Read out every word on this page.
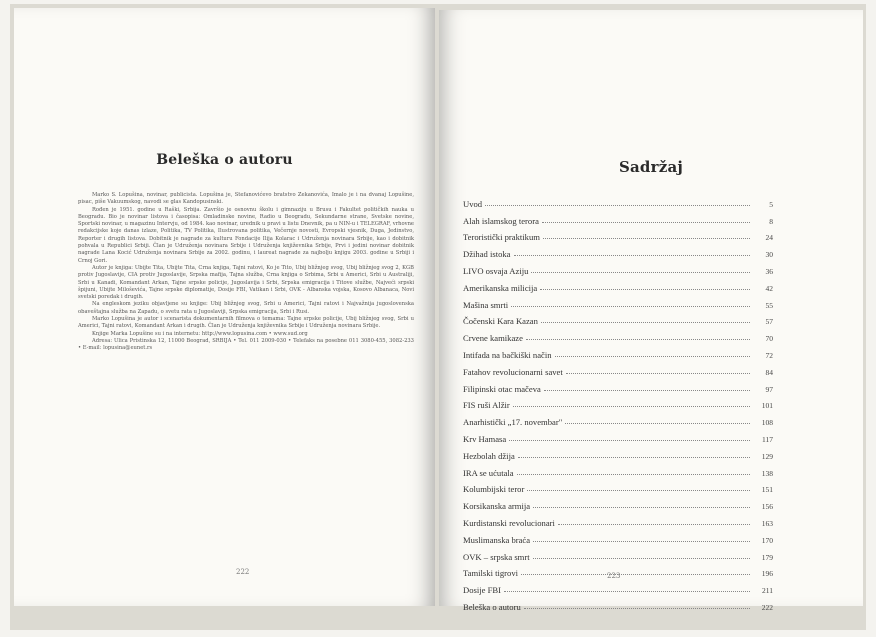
Beleška o autoru

Marko S. Lopušina, novinar, publicista. Lopušina je, Stefanovićevo bratstvo Zekanovića, Imalo je i na dvanaj Lopušine, pisac, piše Vakuumskog, navodi se glas Kandopusinski.

Rođen je 1951. godine u Raški, Srbija. Završio je osnovnu školu i gimnaziju u Brusu i Fakultet političkih nauka u Beogradu. Bio je novinar listova i časopisa: Omladinske novine, Radio u Beogradu, Sekundarne strane, Svetske novine, Sportski novinar, u magazinu Intervju, od 1984. kao novinar, urednik u pravi u listu Dnevnik, pa u NIN-u i TELEGRAF, vrhovne redakcijske koje danas izlaze, Politika, TV Politika, Ilustrovana politika, Večernje novosti, Evropski vjesnik, Duga, Jedinstvo, Reporter i drugih listova. Dobitnik je nagrade za kulturu Fondacije Ilija Kolarac i Udruženja novinara Srbije, kao i dobitnik pohvala u Republici Srbiji. Član je Udruženja novinara Srbije i Udruženja književnika Srbije, Prvi i jedini novinar dobitnik nagrade Lana Kocić Udruženja novinara Srbije za 2002. godinu, i laureat nagrade za najbolju knjigu 2003. godine u Srbiji i Crnoj Gori.

Autor je knjiga: Ubijte Tita, Ubijte Tita, Crna knjiga, Tajni ratovi, Ko je Tito, Ubij bližnjeg svog, Ubij bližnjeg svog 2, KGB protiv Jugoslavije, CIA protiv Jugoslavije, Srpska mafija, Tajna služba, Crna knjiga o Srbima, Srbi u Americi, Srbi u Australiji, Srbi u Kanadi, Komandant Arkan, Tajne srpske policije, Jugoslavija i Srbi, Srpska emigracija i Titove službe, Najveći srpski špijuni, Ubijte Miloševića, Tajne srpske diplomatije, Dosije FBI, Vatikan i Srbi, OVK - Albanska vojska, Kosovo Albanaca, Novi svetski poredak i drugih.

Na engleskom jeziku objavljene su knjige: Ubij bližnjeg svog, Srbi u Americi, Tajni ratovi i Najvažnija jugoslovenska obaveštajna služba na Zapadu, o svetu rata u Jugoslaviji, Srpska emigracija, Srbi i Rusi.

Marko Lopušina je autor i scenarista dokumentarnih filmova o temama: Tajne srpske policije, Ubij bližnjeg svog, Srbi u Americi, Tajni ratovi, Komandant Arkan i drugih. Član je Udruženja književnika Srbije i Udruženja novinara Srbije.

Knjige Marka Lopušine su i na internetu: http://www.lopusina.com • www.sud.org

Adresa: Ulica Pristinska 12, 11000 Beograd, SRBIJA • Tel. 011 2009-030 • Telefaks na posebne 011 3080-455, 3082-233 • E-mail: lopusina@eunet.rs

222
Sadržaj
Uvod	5
Alah islamskog terora	8
Teroristički praktikum	24
Džihad istoka	30
LIVO osvaja Aziju	36
Amerikanska milicija	42
Mašina smrti	55
Čočenski Kara Kazan	57
Crvene kamikaze	70
Intifada na bačkiški način	72
Fatahov revolucionarni savet	84
Filipinski otac mačeva	97
FIS ruši Alžir	101
Anarhistički „17. novembar"	108
Krv Hamasa	117
Hezbolah džija	129
IRA se ućutala	138
Kolumbijski teror	151
Korsikanska armija	156
Kurdistanski revolucionari	163
Muslimanska braća	170
OVK – srpska smrt	179
Tamilski tigrovi	196
Dosije FBI	211
Beleška o autoru	222
223
